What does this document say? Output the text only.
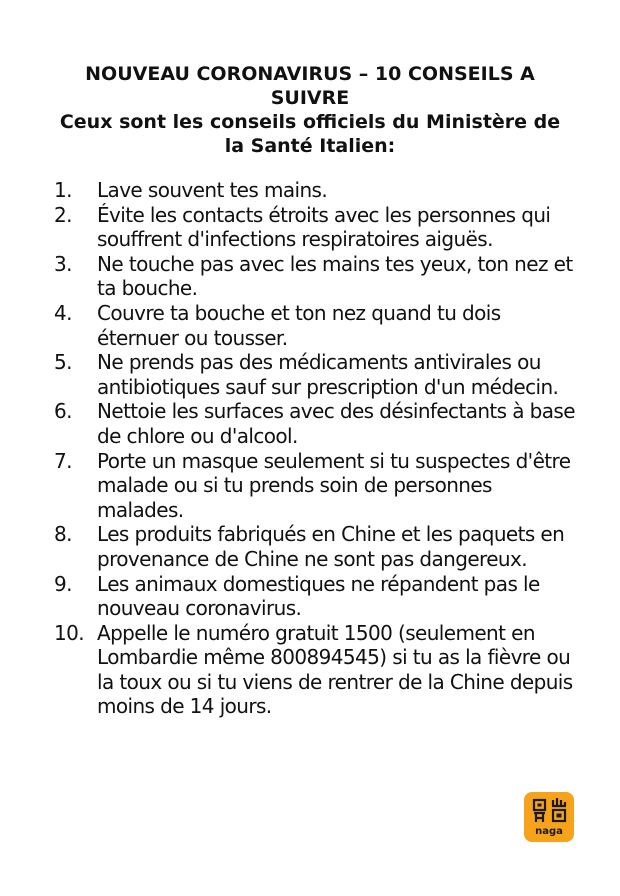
NOUVEAU CORONAVIRUS – 10 CONSEILS A
SUIVRE
Ceux sont les conseils officiels du Ministère de
la Santé Italien:
1. Lave souvent tes mains.
2. Évite les contacts étroits avec les personnes qui souffrent d'infections respiratoires aiguës.
3. Ne touche pas avec les mains tes yeux, ton nez et ta bouche.
4. Couvre ta bouche et ton nez quand tu dois éternuer ou tousser.
5. Ne prends pas des médicaments antivirales ou antibiotiques sauf sur prescription d'un médecin.
6. Nettoie les surfaces avec des désinfectants à base de chlore ou d'alcool.
7. Porte un masque seulement si tu suspectes d'être malade ou si tu prends soin de personnes malades.
8. Les produits fabriqués en Chine et les paquets en provenance de Chine ne sont pas dangereux.
9. Les animaux domestiques ne répandent pas le nouveau coronavirus.
10. Appelle le numéro gratuit 1500 (seulement en Lombardie même 800894545) si tu as la fièvre ou la toux ou si tu viens de rentrer de la Chine depuis moins de 14 jours.
naga
